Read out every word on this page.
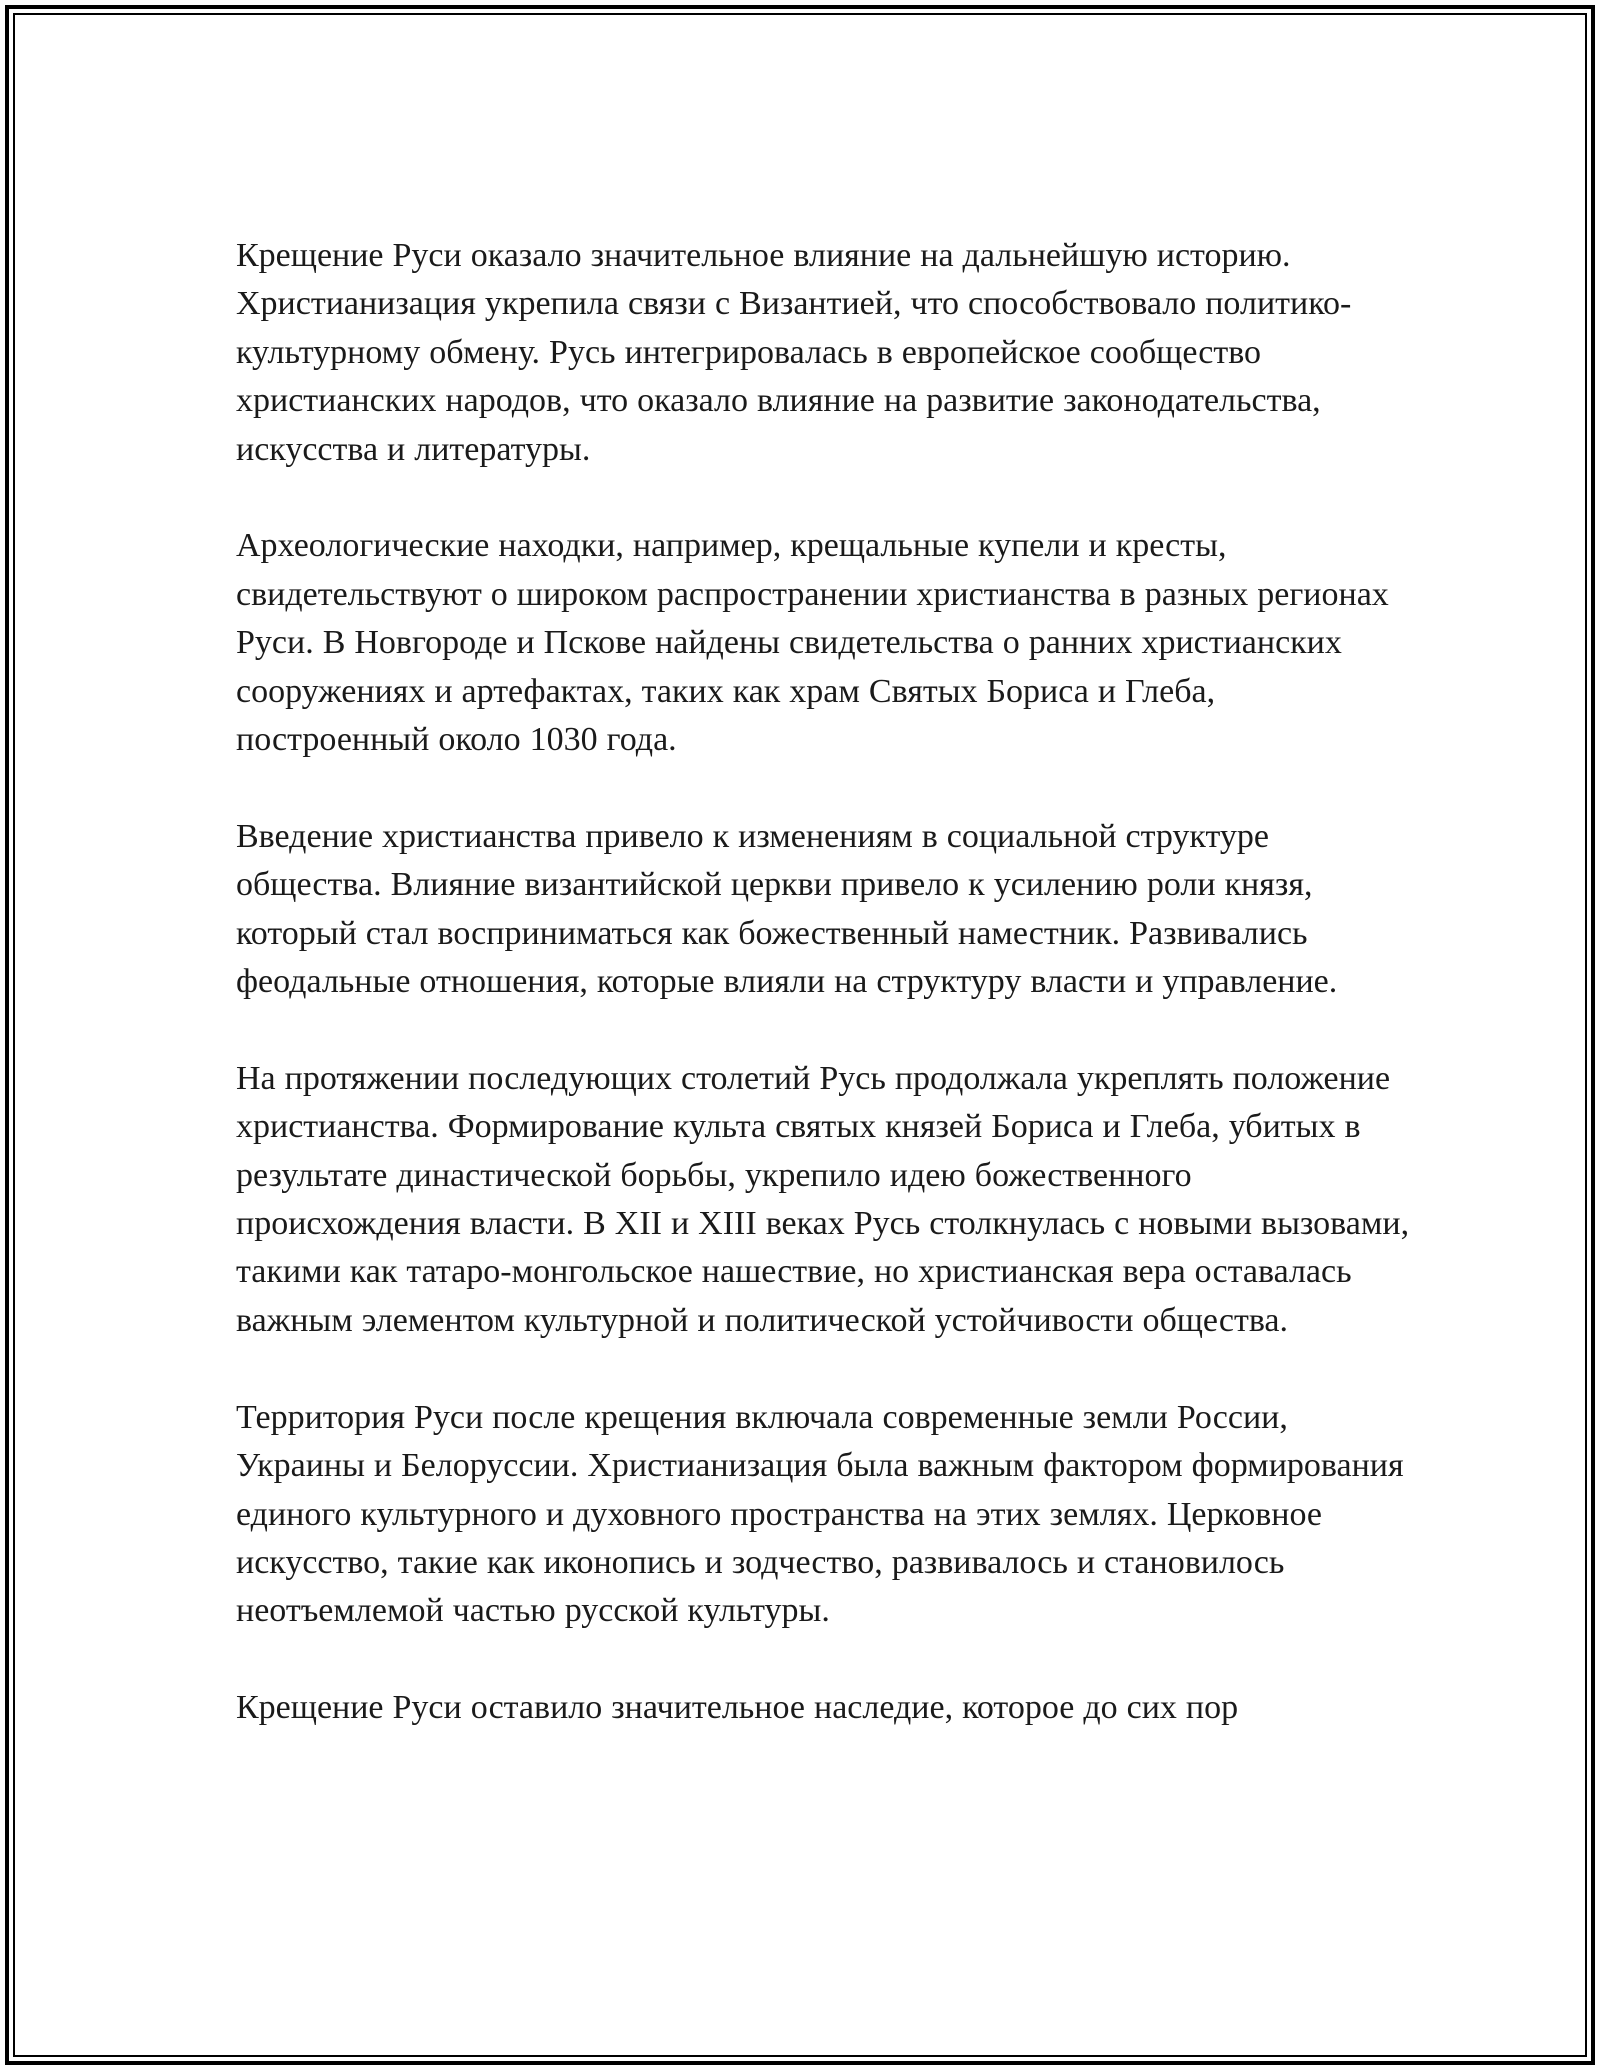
Крещение Руси оказало значительное влияние на дальнейшую историю. Христианизация укрепила связи с Византией, что способствовало политико-культурному обмену. Русь интегрировалась в европейское сообщество христианских народов, что оказало влияние на развитие законодательства, искусства и литературы.

Археологические находки, например, крещальные купели и кресты, свидетельствуют о широком распространении христианства в разных регионах Руси. В Новгороде и Пскове найдены свидетельства о ранних христианских сооружениях и артефактах, таких как храм Святых Бориса и Глеба, построенный около 1030 года.

Введение христианства привело к изменениям в социальной структуре общества. Влияние византийской церкви привело к усилению роли князя, который стал восприниматься как божественный наместник. Развивались феодальные отношения, которые влияли на структуру власти и управление.

На протяжении последующих столетий Русь продолжала укреплять положение христианства. Формирование культа святых князей Бориса и Глеба, убитых в результате династической борьбы, укрепило идею божественного происхождения власти. В XII и XIII веках Русь столкнулась с новыми вызовами, такими как татаро-монгольское нашествие, но христианская вера оставалась важным элементом культурной и политической устойчивости общества.

Территория Руси после крещения включала современные земли России, Украины и Белоруссии. Христианизация была важным фактором формирования единого культурного и духовного пространства на этих землях. Церковное искусство, такие как иконопись и зодчество, развивалось и становилось неотъемлемой частью русской культуры.

Крещение Руси оставило значительное наследие, которое до сих пор
